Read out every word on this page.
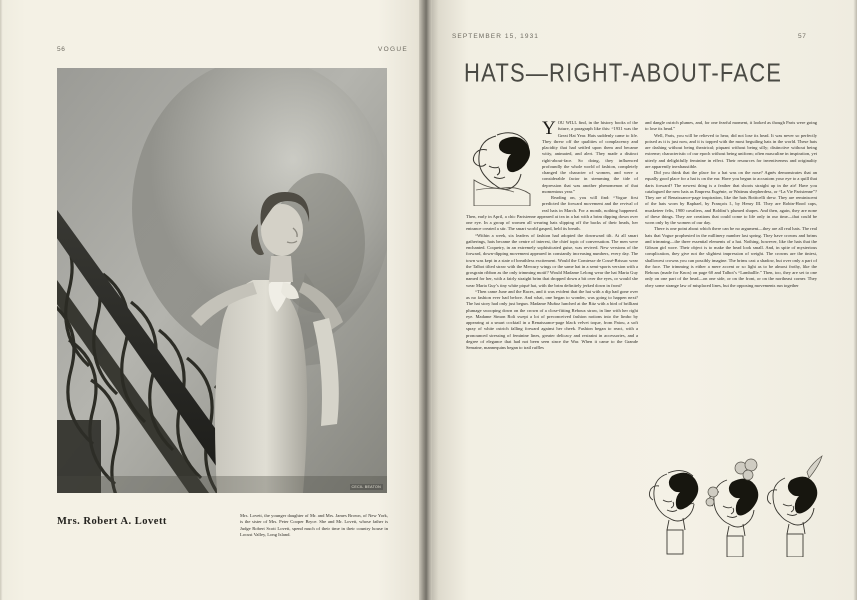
56	VOGUE
SEPTEMBER 15, 1931	57
HATS—RIGHT-ABOUT-FACE
CECIL BEATON
Mrs. Robert A. Lovett
Mrs. Lovett, the younger daughter of Mr. and Mrs. James Brown, of New York, is the sister of Mrs. Peter Cooper Bryce. She and Mr. Lovett, whose father is Judge Robert Scott Lovett, spend much of their time in their country house in Locust Valley, Long Island.

YOU WILL find, in the history books of the future, a paragraph like this: “1931 was the Great Hat Year. Hats suddenly came to life. They threw off the qualities of complacency and placidity that had settled upon them and became witty, animated, and alert. They made a distinct right-about-face. So doing, they influenced profoundly the whole world of fashion, completely changed the character of women, and were a considerable factor in stemming the tide of depression that was another phenomenon of that momentous year.”

Reading on, you will find: “Vogue first predicted the forward movement and the revival of real hats in March. For a month, nothing happened. Then, early in April, a chic Parisienne appeared at tea in a hat with a brim dipping down over one eye. In a group of women all wearing hats slipping off the backs of their heads, her entrance created a stir. The smart world gasped, held its breath.

“Within a week, six leaders of fashion had adopted the downward tilt. At all smart gatherings, hats became the centre of interest, the chief topic of conversation. The men were enchanted. Coquetry, in an extremely sophisticated guise, was revived. New versions of the forward, down-dipping movement appeared in constantly increasing numbers, every day. The town was kept in a state of breathless excitement. Would the Comtesse de Cossé-Brissac wear the Talbot tilted straw with the Mercury wings or the same hat in a semi-sports version with a grosgrain ribbon as the only trimming motif? Would Madame Lelong wear the hat Maria Guy named for her, with a fairly straight brim that dropped down a bit over the eyes, or would she wear Maria Guy’s tiny white piqué hat, with the brim definitely jerked down in front?

“Then came June and the Races, and it was evident that the hat with a dip had gone over as no fashion ever had before. And what, one began to wonder, was going to happen next? The hat story had only just begun. Madame Muñoz lunched at the Ritz with a bird of brilliant plumage swooping down on the crown of a close-fitting Reboux straw, in line with her right eye. Madame Simon Roli swept a lot of preconceived fashion notions into the limbo by appearing at a smart cocktail in a Renaissance-page black velvet toque, from Patou, a soft spray of white ostrich falling forward against her cheek. Fashion began to react, with a pronounced stressing of feminine lines, greater delicacy and restraint in accessories, and a degree of elegance that had not been seen since the War. When it came to the Grande Semaine, mannequins began to trail ruffles

and dangle ostrich plumes, and, for one fearful moment, it looked as though Paris were going to lose its head.”

Well, Paris, you will be relieved to hear, did not lose its head. It was never so perfectly poised as it is just now, and it is topped with the most beguiling hats in the world. These hats are dashing without being theatrical; piquant without being silly; distinctive without being extreme; characteristic of our epoch without being uniform; often masculine in inspiration, yet utterly and delightfully feminine in effect. Their resources for inventiveness and originality are apparently inexhaustible.

Did you think that the place for a hat was on the nose? Agnès demonstrates that an equally good place for a hat is on the ear. Have you begun to accustom your eye to a quill that darts forward? The newest thing is a feather that shoots straight up in the air! Have you catalogued the new hats as Empress Eugénie, or Watteau shepherdess, or “La Vie Parisienne”? They are of Renaissance-page inspiration, like the hats Botticelli drew. They are reminiscent of the hats worn by Raphael, by François I., by Henry III. They are Robin-Hood caps, musketeer felts, 1900 cavaliers, and Boldini’s plumed shapes. And then, again, they are none of these things. They are creations that could come to life only in our time—that could be worn only by the women of our day.

There is one point about which there can be no argument—they are all real hats. The real hats that Vogue prophesied in the millinery number last spring. They have crowns and brims and trimming—the three essential elements of a hat. Nothing, however, like the hats that the Gibson girl wore. Their object is to make the head look small. And, in spite of mysterious complication, they give not the slightest impression of weight. The crowns are the tiniest, shallowest crowns you can possibly imagine. The brims cast a shadow, but over only a part of the face. The trimming is either a mere accent or so light as to be almost frothy, like the Reboux (made for Knox) on page 60 and Talbot’s “Lamballle.” Then, too, they are set to one only on one part of the head—on one side, or on the front, or on the northeast corner. They obey some strange law of misplaced lines, but the opposing movements run together
